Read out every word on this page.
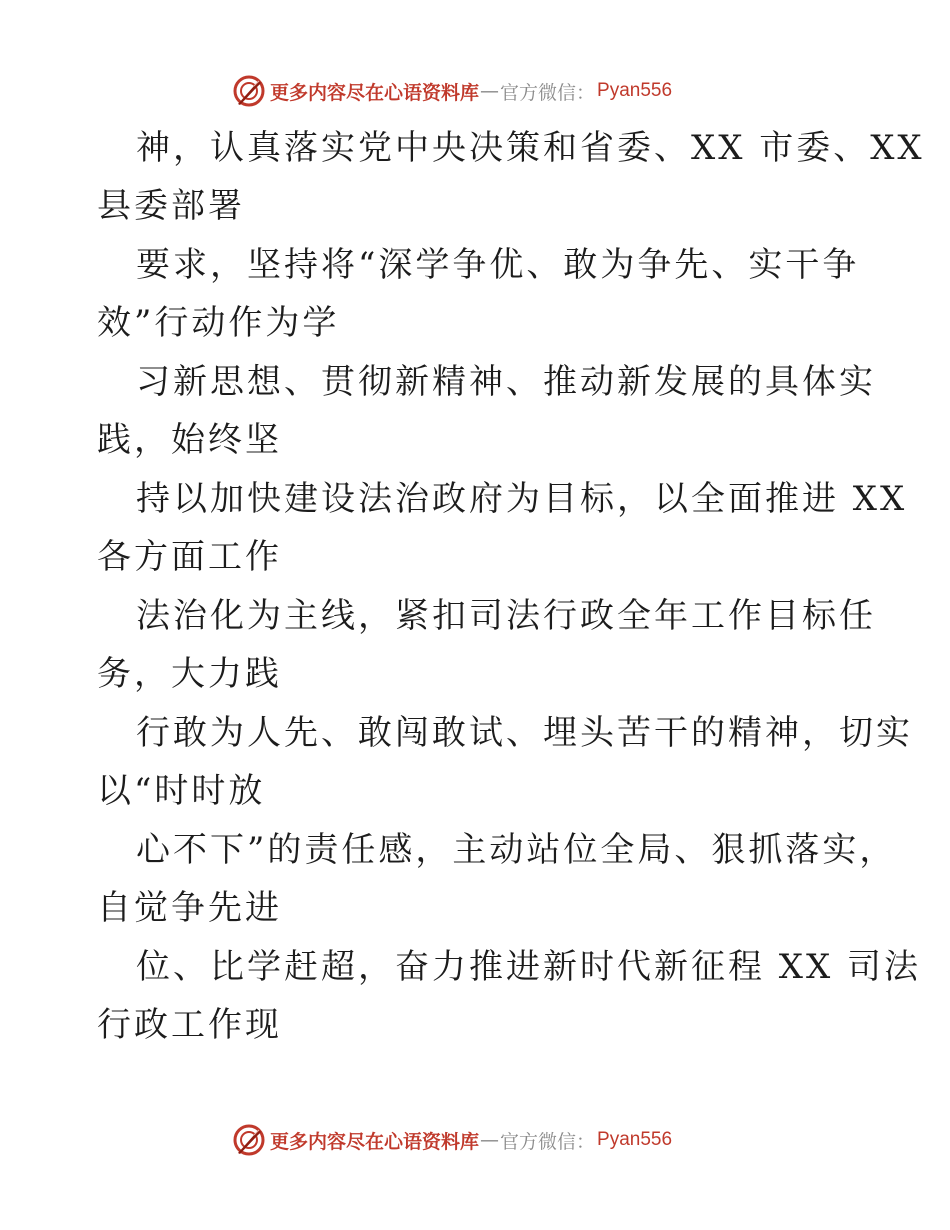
更多内容尽在心语资料库 — 官方微信： Pyan556
神，认真落实党中央决策和省委、XX 市委、XX
县委部署
要求，坚持将“深学争优、敢为争先、实干争
效”行动作为学
习新思想、贯彻新精神、推动新发展的具体实
践，始终坚
持以加快建设法治政府为目标，以全面推进 XX
各方面工作
法治化为主线，紧扣司法行政全年工作目标任
务，大力践
行敢为人先、敢闯敢试、埋头苦干的精神，切实
以“时时放
心不下”的责任感，主动站位全局、狠抓落实，
自觉争先进
位、比学赶超，奋力推进新时代新征程 XX 司法
行政工作现
更多内容尽在心语资料库 — 官方微信： Pyan556
